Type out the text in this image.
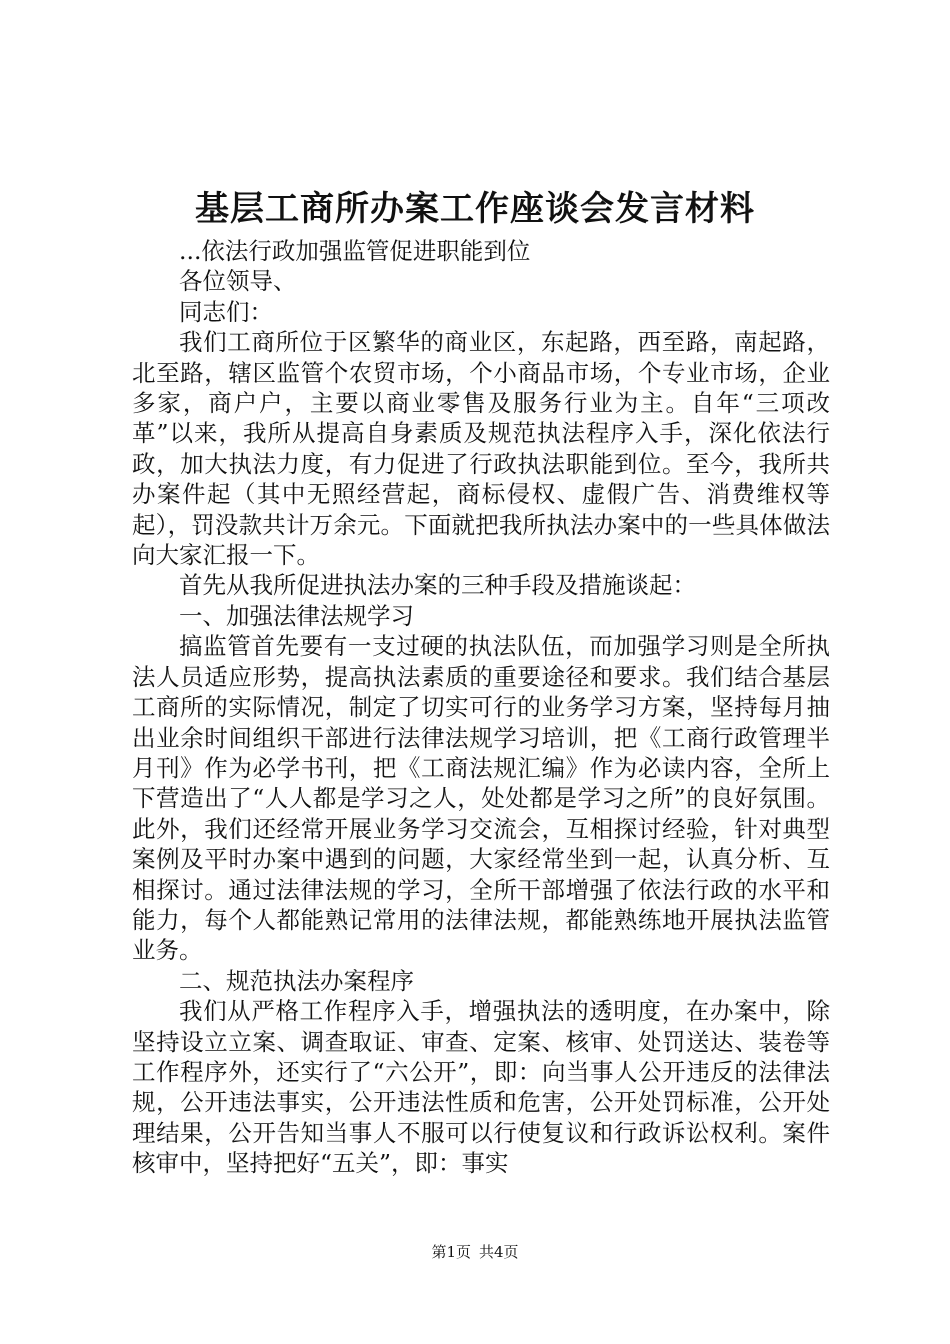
基层工商所办案工作座谈会发言材料

...依法行政加强监管促进职能到位

各位领导、

同志们：

我们工商所位于区繁华的商业区，东起路，西至路，南起路，北至路，辖区监管个农贸市场，个小商品市场，个专业市场，企业多家，商户户，主要以商业零售及服务行业为主。自年“三项改革”以来，我所从提高自身素质及规范执法程序入手，深化依法行政，加大执法力度，有力促进了行政执法职能到位。至今，我所共办案件起（其中无照经营起，商标侵权、虚假广告、消费维权等起），罚没款共计万余元。下面就把我所执法办案中的一些具体做法向大家汇报一下。

首先从我所促进执法办案的三种手段及措施谈起：

一、加强法律法规学习

搞监管首先要有一支过硬的执法队伍，而加强学习则是全所执法人员适应形势，提高执法素质的重要途径和要求。我们结合基层工商所的实际情况，制定了切实可行的业务学习方案，坚持每月抽出业余时间组织干部进行法律法规学习培训，把《工商行政管理半月刊》作为必学书刊，把《工商法规汇编》作为必读内容，全所上下营造出了“人人都是学习之人，处处都是学习之所”的良好氛围。此外，我们还经常开展业务学习交流会，互相探讨经验，针对典型案例及平时办案中遇到的问题，大家经常坐到一起，认真分析、互相探讨。通过法律法规的学习，全所干部增强了依法行政的水平和能力，每个人都能熟记常用的法律法规，都能熟练地开展执法监管业务。

二、规范执法办案程序

我们从严格工作程序入手，增强执法的透明度，在办案中，除坚持设立立案、调查取证、审查、定案、核审、处罚送达、装卷等工作程序外，还实行了“六公开”，即：向当事人公开违反的法律法规，公开违法事实，公开违法性质和危害，公开处罚标准，公开处理结果，公开告知当事人不服可以行使复议和行政诉讼权利。案件核审中，坚持把好“五关”，即：事实

第1页 共4页
